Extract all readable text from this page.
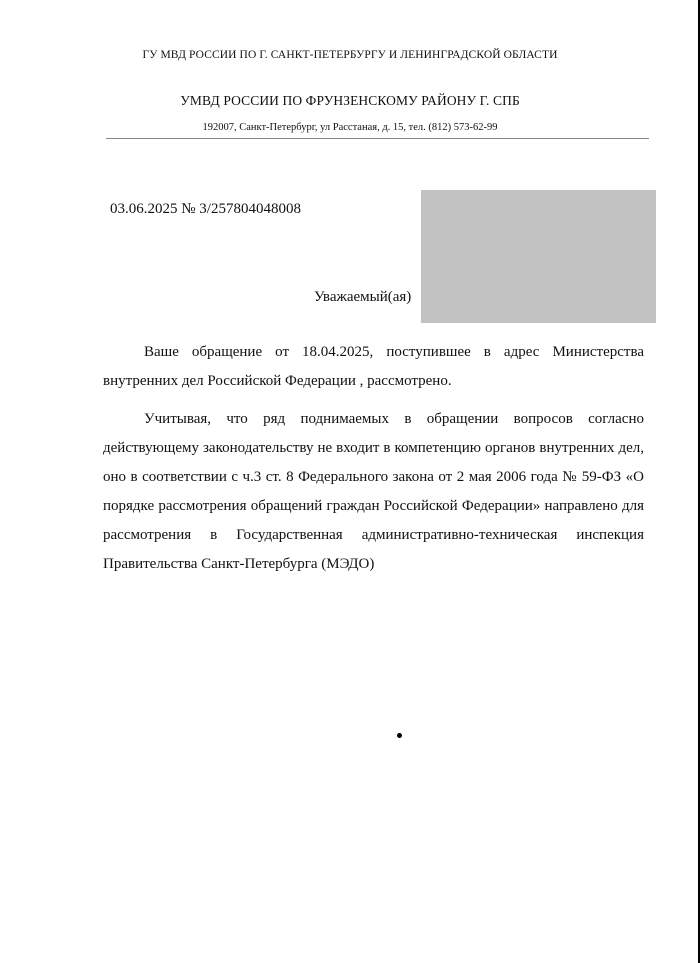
ГУ МВД РОССИИ ПО Г. САНКТ-ПЕТЕРБУРГУ И ЛЕНИНГРАДСКОЙ ОБЛАСТИ
УМВД РОССИИ ПО ФРУНЗЕНСКОМУ РАЙОНУ Г. СПБ
192007, Санкт-Петербург, ул Расстаная, д. 15, тел. (812) 573-62-99
03.06.2025 № 3/257804048008
Уважаемый(ая)

Ваше обращение от 18.04.2025, поступившее в адрес Министерства внутренних дел Российской Федерации , рассмотрено.

Учитывая, что ряд поднимаемых в обращении вопросов согласно действующему законодательству не входит в компетенцию органов внутренних дел, оно в соответствии с ч.3 ст. 8 Федерального закона от 2 мая 2006 года № 59-ФЗ «О порядке рассмотрения обращений граждан Российской Федерации» направлено для рассмотрения в Государственная административно-техническая инспекция Правительства Санкт-Петербурга (МЭДО)
